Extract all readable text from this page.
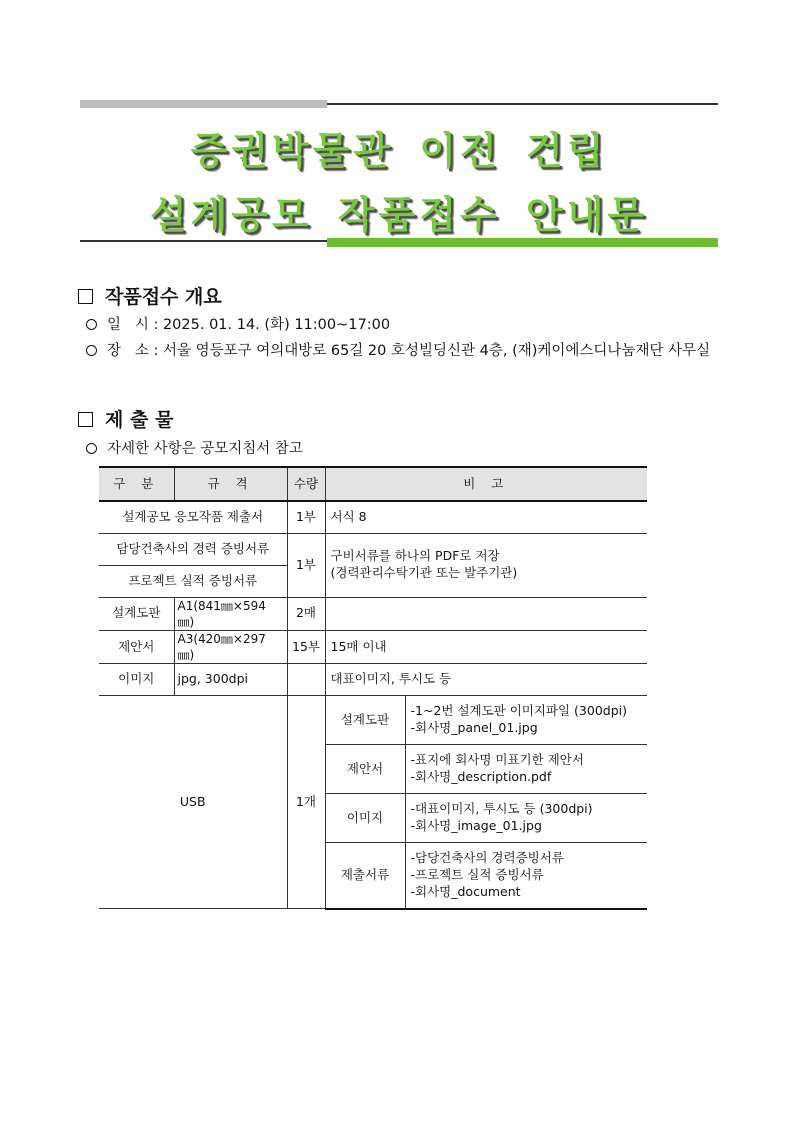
증권박물관 이전 건립
설계공모 작품접수 안내문
작품접수 개요
일   시 : 2025. 01. 14. (화) 11:00~17:00
장   소 : 서울 영등포구 여의대방로 65길 20 호성빌딩신관 4층, (재)케이에스디나눔재단 사무실
제 출 물
자세한 사항은 공모지침서 참고
구 분	규 격	수량	비 고	
설계공모 응모작품 제출서		1부	서식 8	
담당건축사의 경력 증빙서류		1부	구비서류를 하나의 PDF로 저장
(경력관리수탁기관 또는 발주기관)	
프로젝트 실적 증빙서류				
설계도판	A1(841㎜×594㎜)	2매		
제안서	A3(420㎜×297㎜)	15부	15매 이내	
이미지	jpg, 300dpi		대표이미지, 투시도 등	
USB		1개	설계도판	-1~2번 설계도판 이미지파일 (300dpi)
-회사명_panel_01.jpg
			제안서	-표지에 회사명 미표기한 제안서
-회사명_description.pdf
			이미지	-대표이미지, 투시도 등 (300dpi)
-회사명_image_01.jpg
			제출서류	-담당건축사의 경력증빙서류
-프로젝트 실적 증빙서류
-회사명_document
